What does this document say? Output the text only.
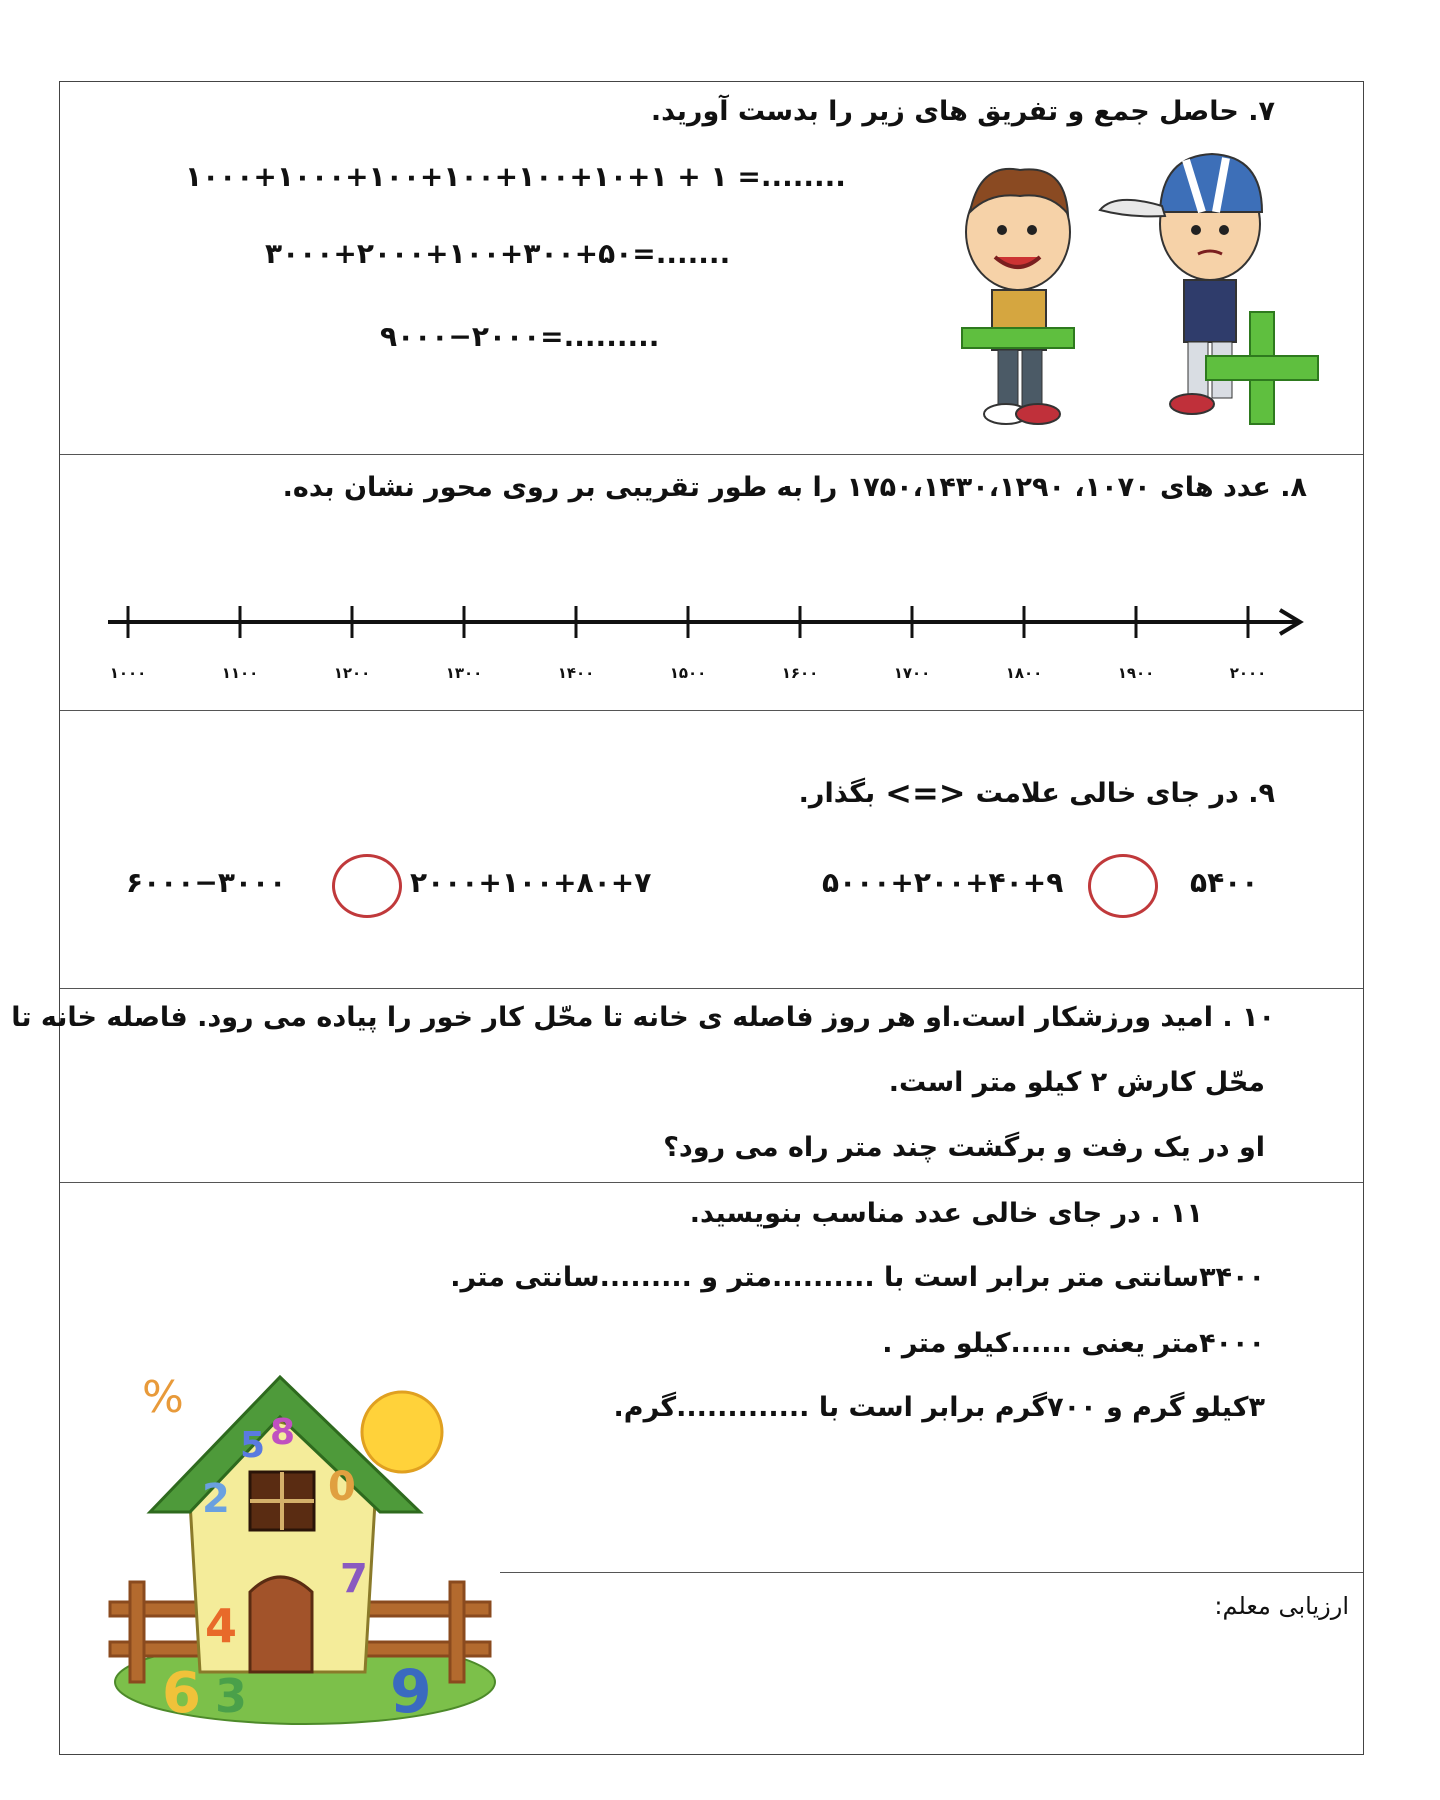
۷. حاصل جمع و تفریق های زیر را بدست آورید.
۱۰۰۰+۱۰۰۰+۱۰۰+۱۰۰+۱۰۰+۱۰+۱ + ۱ =........
۳۰۰۰+۲۰۰۰+۱۰۰+۳۰۰+۵۰=.......
۹۰۰۰−۲۰۰۰=.........
۸. عدد های ۱۰۷۰، ۱۷۵۰،۱۴۳۰،۱۲۹۰ را به طور تقریبی بر روی محور نشان بده.
۱۰۰۰	۱۱۰۰	۱۲۰۰	۱۳۰۰	۱۴۰۰	۱۵۰۰	۱۶۰۰	۱۷۰۰	۱۸۰۰	۱۹۰۰	۲۰۰۰
۹. در جای خالی علامت
<=>
بگذار.
۶۰۰۰−۳۰۰۰	۲۰۰۰+۱۰۰+۸۰+۷	۵۰۰۰+۲۰۰+۴۰+۹	۵۴۰۰
۱۰ . امید ورزشکار است.او هر روز فاصله ی خانه تا محّل کار خور را پیاده می رود. فاصله خانه تا
محّل کارش ۲ کیلو متر است.
او در یک رفت و برگشت چند متر راه می رود؟
۱۱ . در جای خالی عدد مناسب بنویسید.
۳۴۰۰سانتی متر برابر است با ..........متر و .........سانتی متر.
۴۰۰۰متر یعنی ......کیلو متر .
۳کیلو گرم و ۷۰۰گرم برابر است با .............گرم.
%
4
6 3 9
7
5 8
0
2
ارزیابی معلم:
